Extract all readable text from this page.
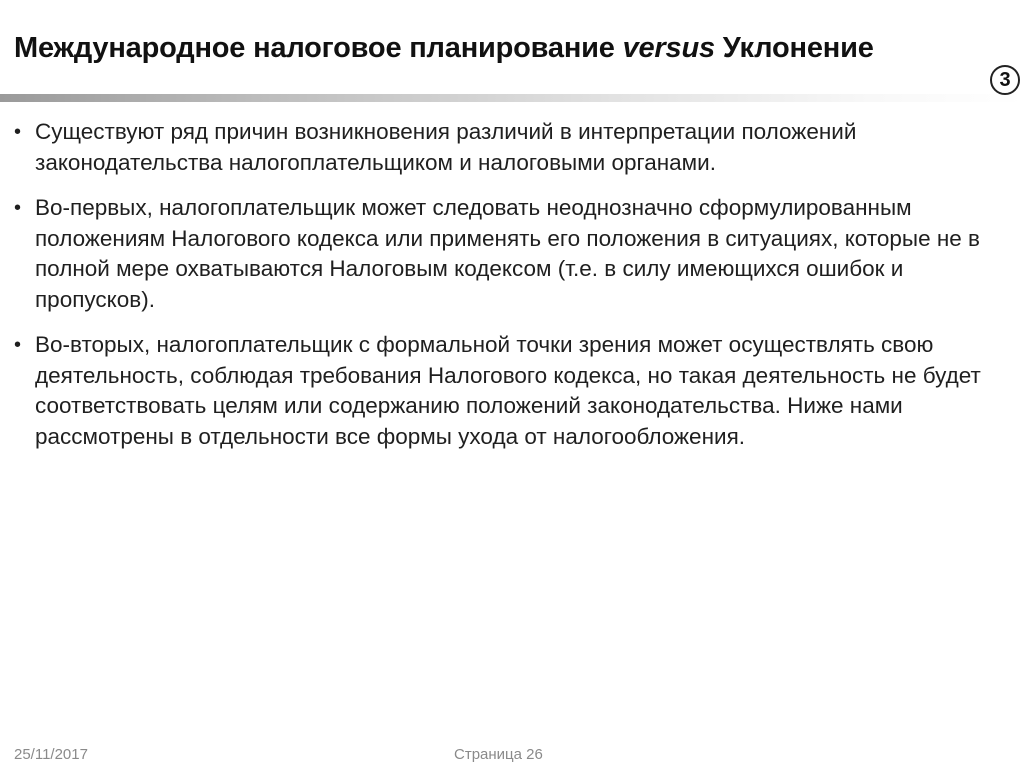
Международное налоговое планирование versus Уклонение
3
• Существуют ряд причин возникновения различий в интерпретации положений законодательства налогоплательщиком и налоговыми органами.
• Во-первых, налогоплательщик может следовать неоднозначно сформулированным положениям Налогового кодекса или применять его положения в ситуациях, которые не в полной мере охватываются Налоговым кодексом (т.е. в силу имеющихся ошибок и пропусков).
• Во-вторых, налогоплательщик с формальной точки зрения может осуществлять свою деятельность, соблюдая требования Налогового кодекса, но такая деятельность не будет соответствовать целям или содержанию положений законодательства. Ниже нами рассмотрены в отдельности все формы ухода от налогообложения.
25/11/2017	Страница 26
